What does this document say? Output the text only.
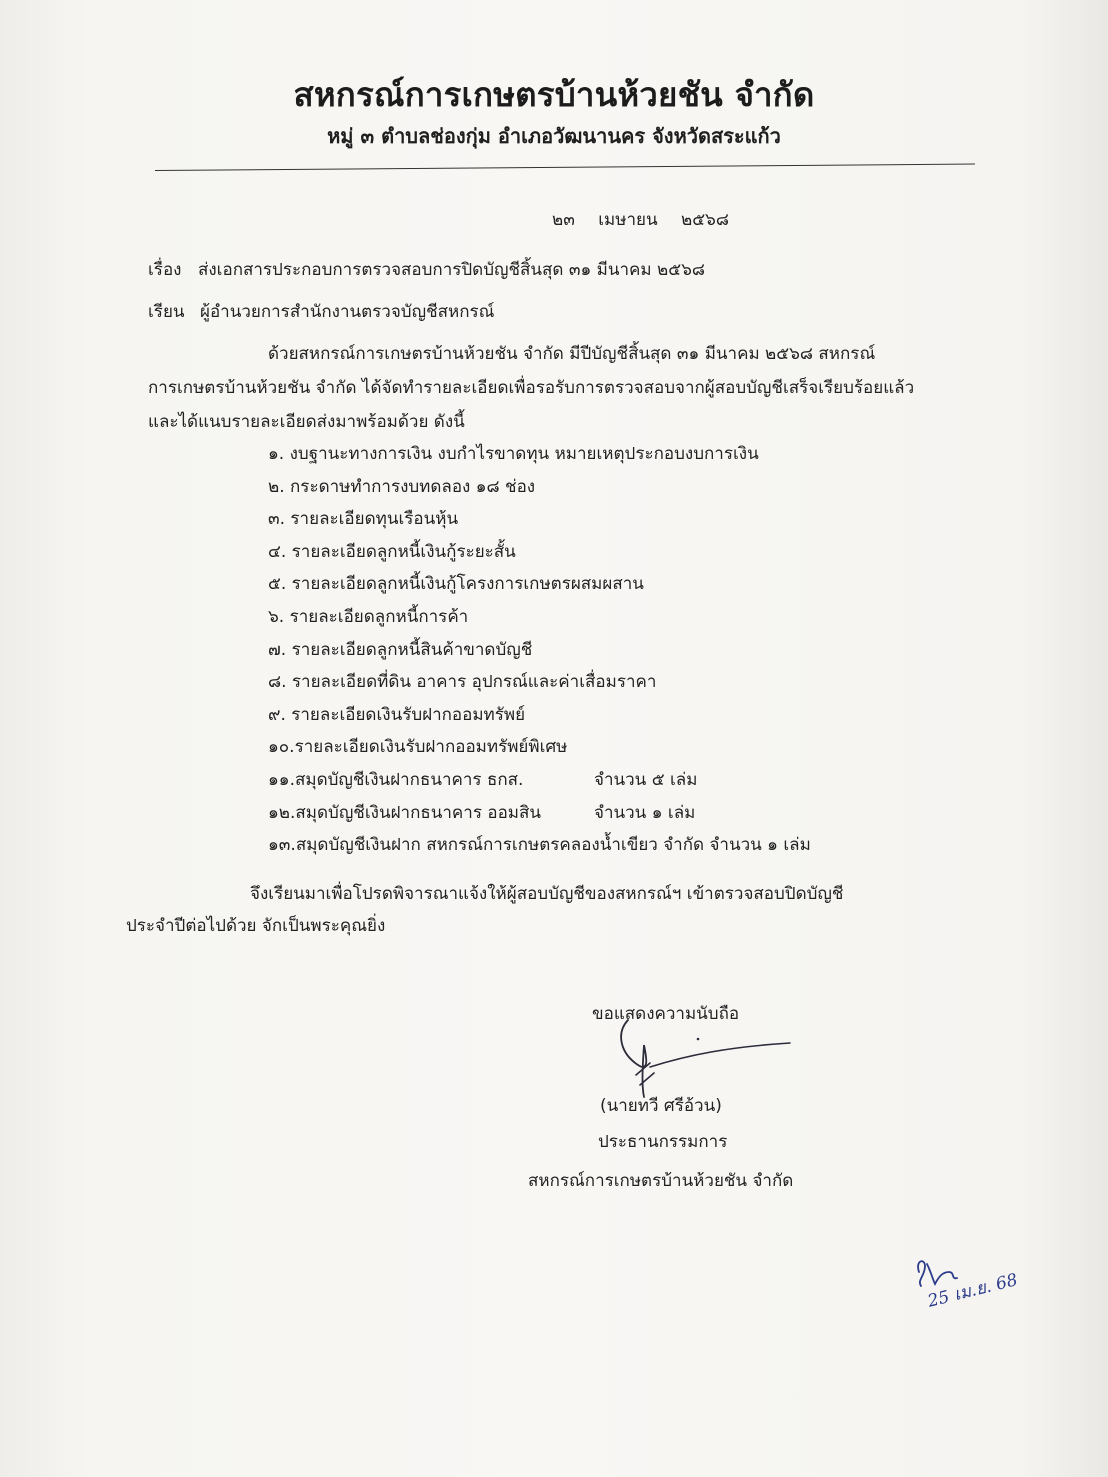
สหกรณ์การเกษตรบ้านห้วยชัน จำกัด
หมู่ ๓ ตำบลช่องกุ่ม อำเภอวัฒนานคร จังหวัดสระแก้ว
๒๓ เมษายน ๒๕๖๘
เรื่อง ส่งเอกสารประกอบการตรวจสอบการปิดบัญชีสิ้นสุด ๓๑ มีนาคม ๒๕๖๘
เรียน ผู้อำนวยการสำนักงานตรวจบัญชีสหกรณ์
ด้วยสหกรณ์การเกษตรบ้านห้วยชัน จำกัด มีปีบัญชีสิ้นสุด ๓๑ มีนาคม ๒๕๖๘ สหกรณ์
การเกษตรบ้านห้วยชัน จำกัด ได้จัดทำรายละเอียดเพื่อรอรับการตรวจสอบจากผู้สอบบัญชีเสร็จเรียบร้อยแล้ว
และได้แนบรายละเอียดส่งมาพร้อมด้วย ดังนี้
๑. งบฐานะทางการเงิน งบกำไรขาดทุน หมายเหตุประกอบงบการเงิน
๒. กระดาษทำการงบทดลอง ๑๘ ช่อง
๓. รายละเอียดทุนเรือนหุ้น
๔. รายละเอียดลูกหนี้เงินกู้ระยะสั้น
๕. รายละเอียดลูกหนี้เงินกู้โครงการเกษตรผสมผสาน
๖. รายละเอียดลูกหนี้การค้า
๗. รายละเอียดลูกหนี้สินค้าขาดบัญชี
๘. รายละเอียดที่ดิน อาคาร อุปกรณ์และค่าเสื่อมราคา
๙. รายละเอียดเงินรับฝากออมทรัพย์
๑๐.รายละเอียดเงินรับฝากออมทรัพย์พิเศษ
๑๑.สมุดบัญชีเงินฝากธนาคาร ธกส.	จำนวน ๕ เล่ม
๑๒.สมุดบัญชีเงินฝากธนาคาร ออมสิน	จำนวน ๑ เล่ม
๑๓.สมุดบัญชีเงินฝาก สหกรณ์การเกษตรคลองน้ำเขียว จำกัด จำนวน ๑ เล่ม
จึงเรียนมาเพื่อโปรดพิจารณาแจ้งให้ผู้สอบบัญชีของสหกรณ์ฯ เข้าตรวจสอบปิดบัญชี
ประจำปีต่อไปด้วย จักเป็นพระคุณยิ่ง
ขอแสดงความนับถือ
(นายทวี ศรีอ้วน)
ประธานกรรมการ
สหกรณ์การเกษตรบ้านห้วยชัน จำกัด
25 เม.ย. 68
